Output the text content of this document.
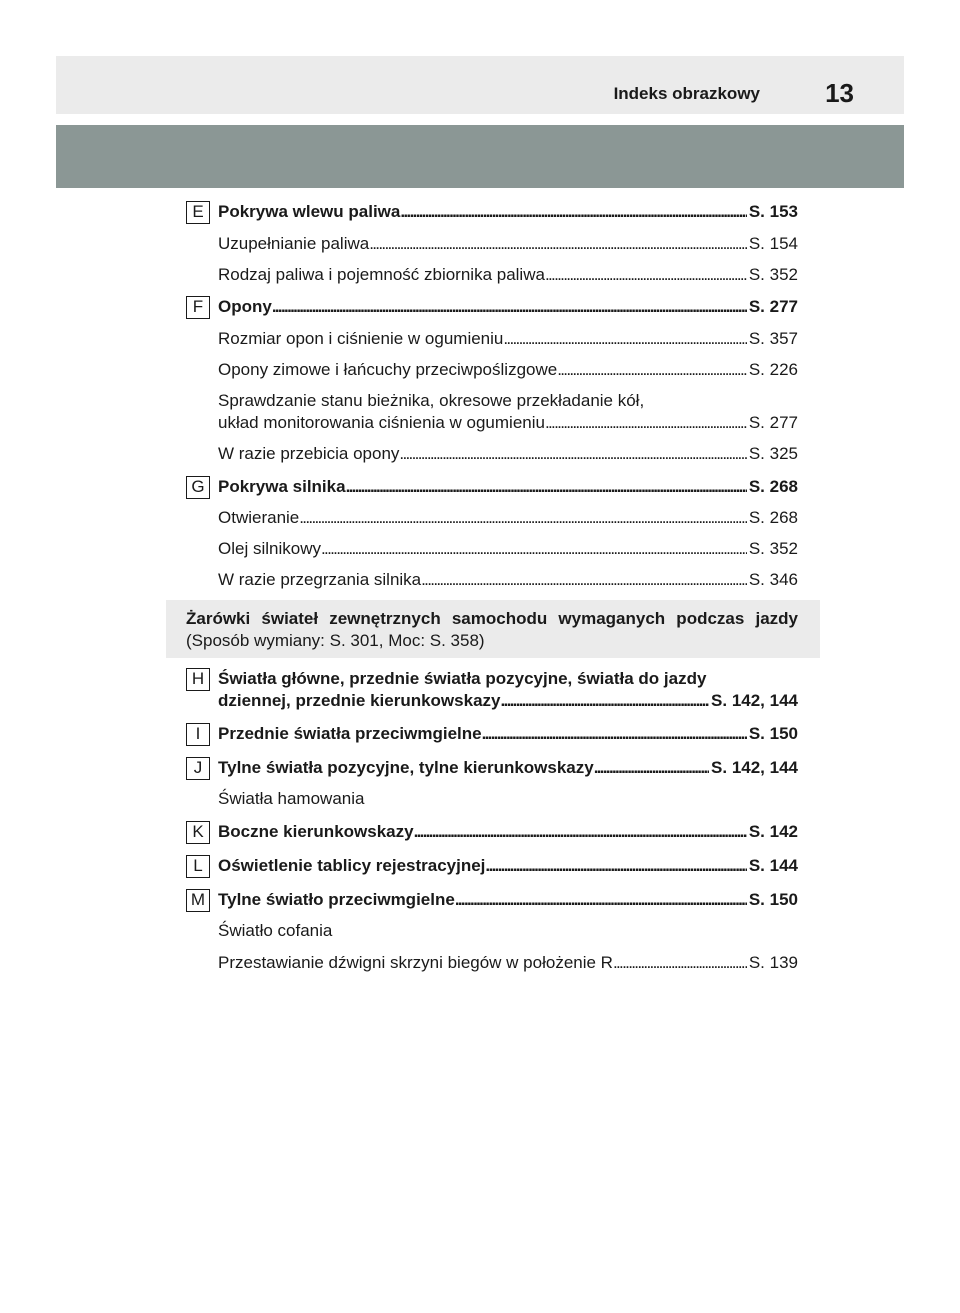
Indeks obrazkowy	13
E Pokrywa wlewu paliwa . . .	S. 153
Uzupełnianie paliwa . . .	S. 154
Rodzaj paliwa i pojemność zbiornika paliwa . . .	S. 352
F Opony . . .	S. 277
Rozmiar opon i ciśnienie w ogumieniu . . .	S. 357
Opony zimowe i łańcuchy przeciwpoślizgowe . . .	S. 226
Sprawdzanie stanu bieżnika, okresowe przekładanie kół,
układ monitorowania ciśnienia w ogumieniu . . .	S. 277
W razie przebicia opony . . .	S. 325
G Pokrywa silnika . . .	S. 268
Otwieranie . . .	S. 268
Olej silnikowy . . .	S. 352
W razie przegrzania silnika . . .	S. 346
Żarówki świateł zewnętrznych samochodu wymaganych podczas jazdy
(Sposób wymiany: S. 301, Moc: S. 358)
H Światła główne, przednie światła pozycyjne, światła do jazdy
dziennej, przednie kierunkowskazy . . .	S. 142, 144
I	Przednie światła przeciwmgielne . . .	S. 150
J Tylne światła pozycyjne, tylne kierunkowskazy . . .	S. 142, 144
Światła hamowania
K Boczne kierunkowskazy . . .	S. 142
L Oświetlenie tablicy rejestracyjnej . . .	S. 144
M Tylne światło przeciwmgielne . . .	S. 150
Światło cofania
Przestawianie dźwigni skrzyni biegów w położenie R . . .	S. 139
